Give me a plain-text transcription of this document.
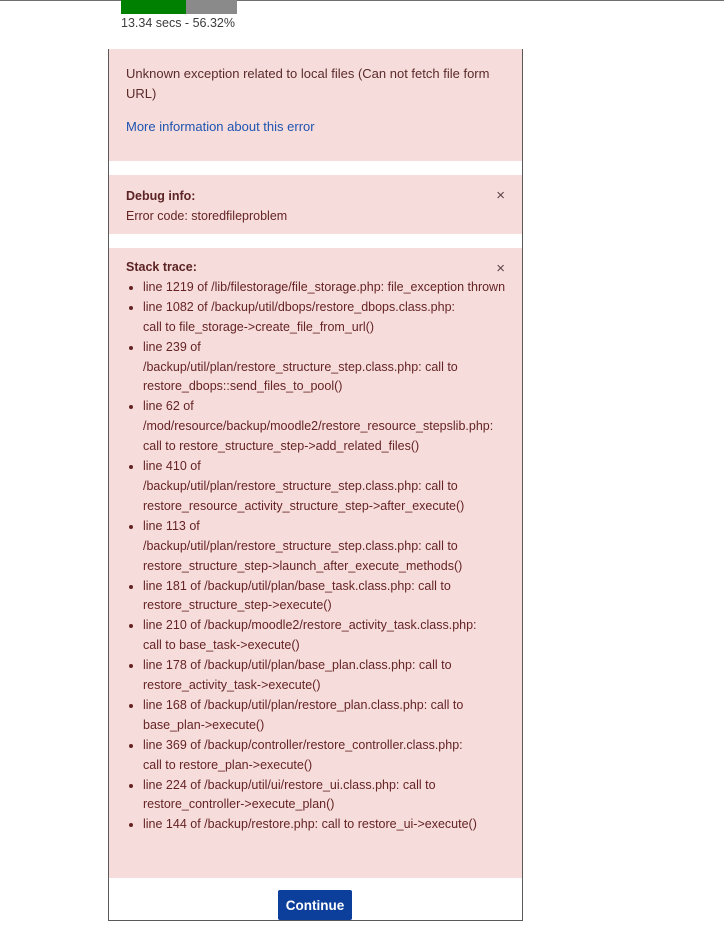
13.34 secs - 56.32%
Unknown exception related to local files (Can not fetch file form URL)
More information about this error
Debug info:
Error code: storedfileproblem
×
Stack trace:	×
• line 1219 of /lib/filestorage/file_storage.php: file_exception thrown
• line 1082 of /backup/util/dbops/restore_dbops.class.php:
call to file_storage->create_file_from_url()
• line 239 of
/backup/util/plan/restore_structure_step.class.php: call to
restore_dbops::send_files_to_pool()
• line 62 of
/mod/resource/backup/moodle2/restore_resource_stepslib.php:
call to restore_structure_step->add_related_files()
• line 410 of
/backup/util/plan/restore_structure_step.class.php: call to
restore_resource_activity_structure_step->after_execute()
• line 113 of
/backup/util/plan/restore_structure_step.class.php: call to
restore_structure_step->launch_after_execute_methods()
• line 181 of /backup/util/plan/base_task.class.php: call to
restore_structure_step->execute()
• line 210 of /backup/moodle2/restore_activity_task.class.php:
call to base_task->execute()
• line 178 of /backup/util/plan/base_plan.class.php: call to
restore_activity_task->execute()
• line 168 of /backup/util/plan/restore_plan.class.php: call to
base_plan->execute()
• line 369 of /backup/controller/restore_controller.class.php:
call to restore_plan->execute()
• line 224 of /backup/util/ui/restore_ui.class.php: call to
restore_controller->execute_plan()
• line 144 of /backup/restore.php: call to restore_ui->execute()
Continue
